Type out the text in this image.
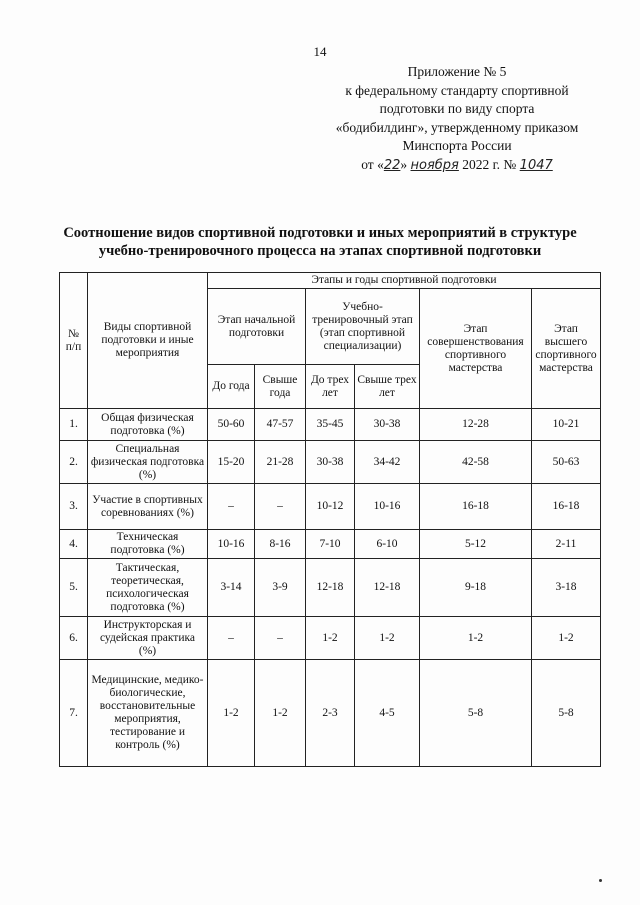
14
Приложение № 5
к федеральному стандарту спортивной
подготовки по виду спорта
«бодибилдинг», утвержденному приказом
Минспорта России
от «22» ноября 2022 г. № 1047
Соотношение видов спортивной подготовки и иных мероприятий в структуре
учебно-тренировочного процесса на этапах спортивной подготовки
№ п/п	Виды спортивной подготовки и иные мероприятия	Этапы и годы спортивной подготовки					
		Этап начальной подготовки		Учебно-тренировочный этап (этап спортивной специализации)		Этап совершенствования спортивного мастерства	Этап высшего спортивного мастерства
		До года	Свыше года	До трех лет	Свыше трех лет		
1.	Общая физическая подготовка (%)	50-60	47-57	35-45	30-38	12-28	10-21
2.	Специальная физическая подготовка (%)	15-20	21-28	30-38	34-42	42-58	50-63
3.	Участие в спортивных соревнованиях (%)	–	–	10-12	10-16	16-18	16-18
4.	Техническая подготовка (%)	10-16	8-16	7-10	6-10	5-12	2-11
5.	Тактическая, теоретическая, психологическая подготовка (%)	3-14	3-9	12-18	12-18	9-18	3-18
6.	Инструкторская и судейская практика (%)	–	–	1-2	1-2	1-2	1-2
7.	Медицинские, медико-биологические, восстановительные мероприятия, тестирование и контроль (%)	1-2	1-2	2-3	4-5	5-8	5-8
